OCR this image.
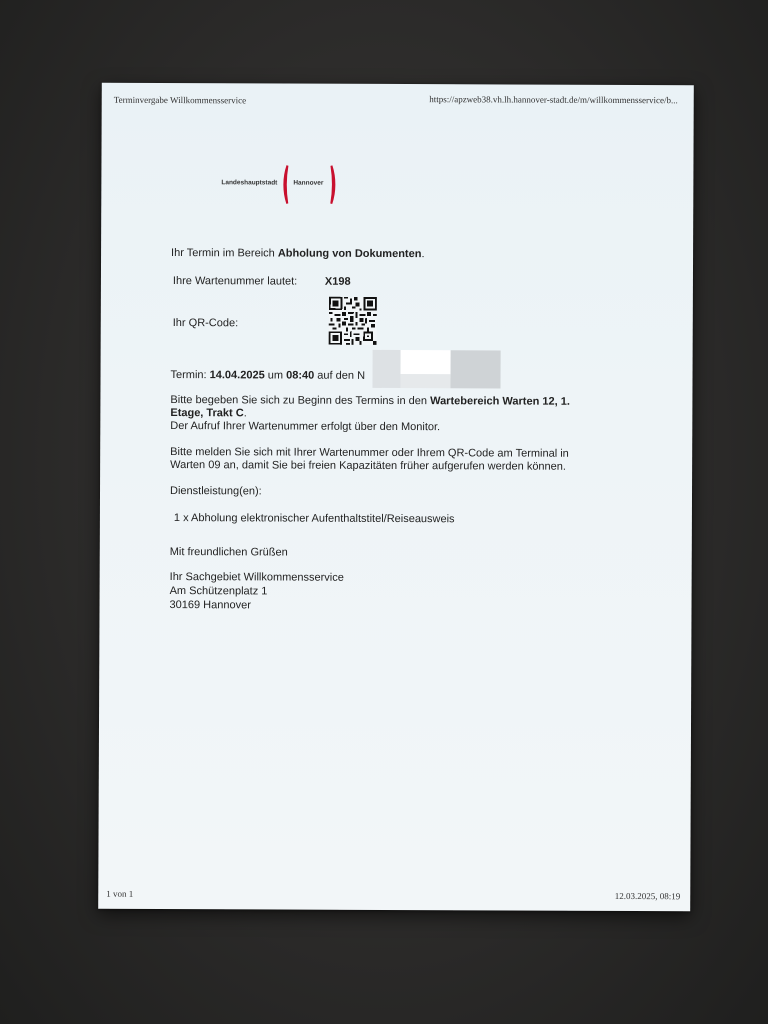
Terminvergabe Willkommensservice	https://apzweb38.vh.lh.hannover-stadt.de/m/willkommensservice/b...
Landeshauptstadt Hannover
Ihr Termin im Bereich Abholung von Dokumenten.
Ihre Wartenummer lautet:	X198
Ihr QR-Code:
Termin: 14.04.2025 um 08:40 auf den N
Bitte begeben Sie sich zu Beginn des Termins in den Wartebereich Warten 12, 1.
Etage, Trakt C.
Der Aufruf Ihrer Wartenummer erfolgt über den Monitor.
Bitte melden Sie sich mit Ihrer Wartenummer oder Ihrem QR-Code am Terminal in
Warten 09 an, damit Sie bei freien Kapazitäten früher aufgerufen werden können.
Dienstleistung(en):
1 x Abholung elektronischer Aufenthaltstitel/Reiseausweis
Mit freundlichen Grüßen
Ihr Sachgebiet Willkommensservice
Am Schützenplatz 1
30169 Hannover
1 von 1	12.03.2025, 08:19
